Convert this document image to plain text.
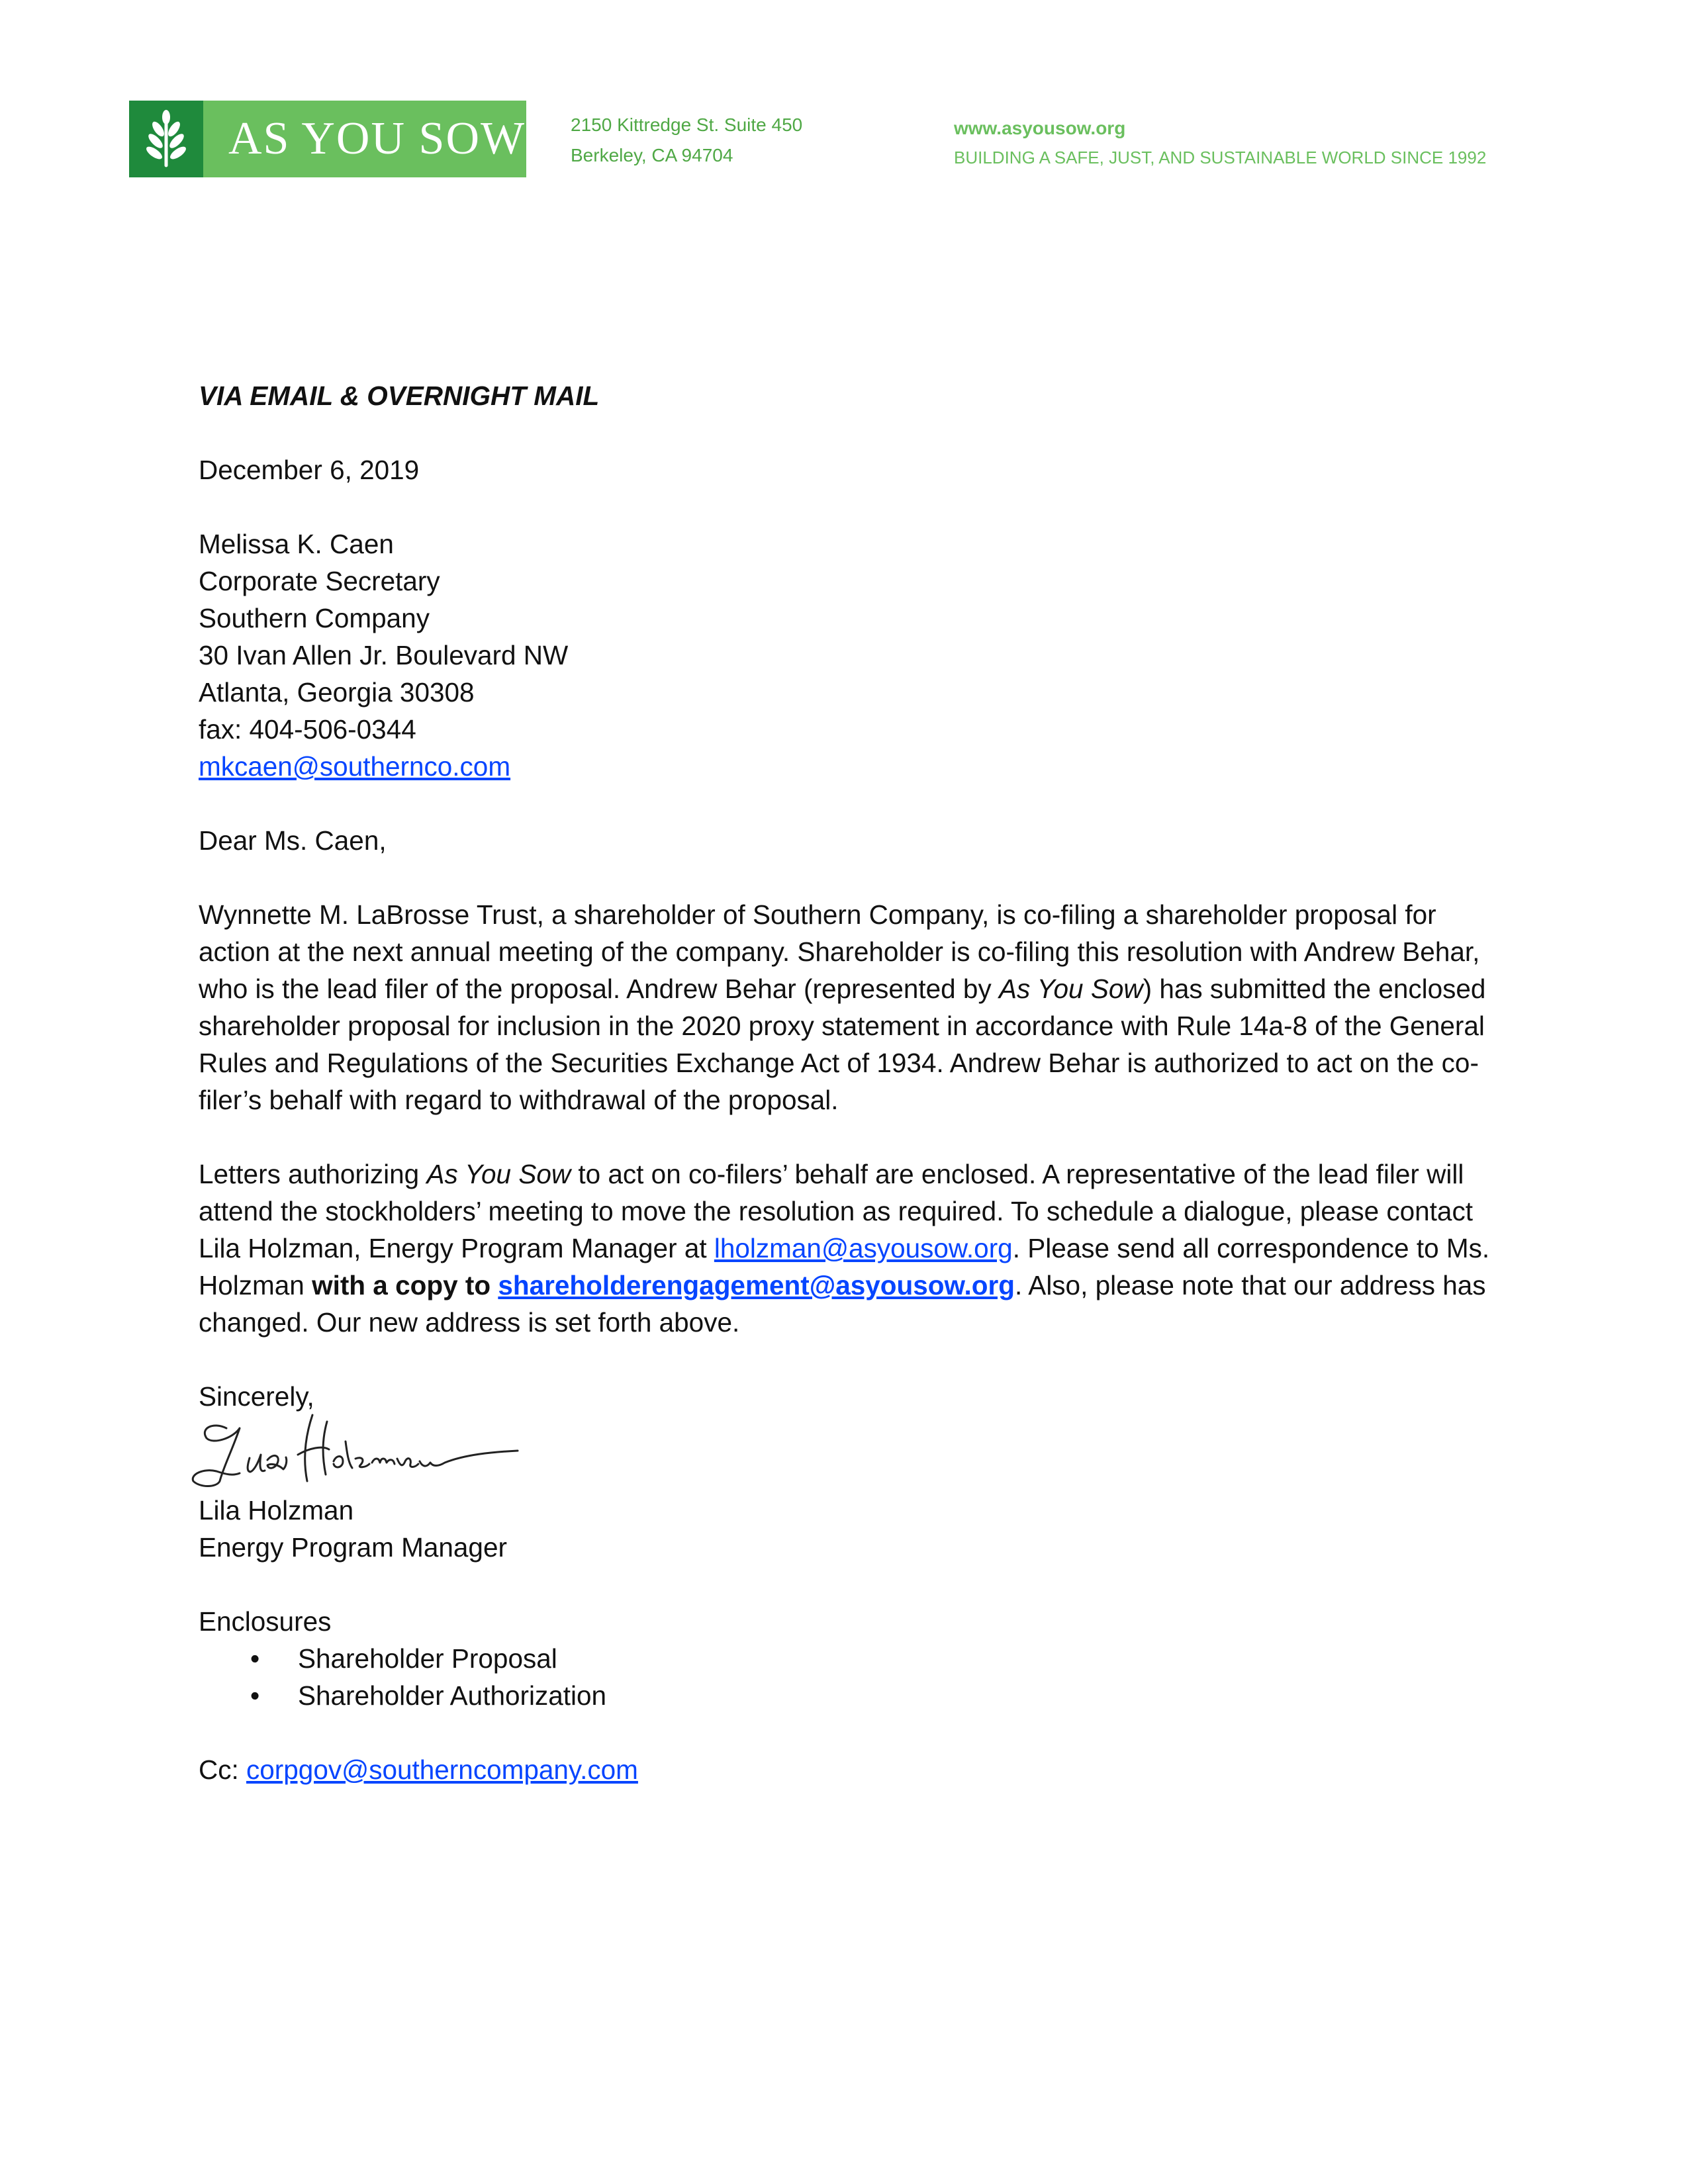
AS YOU SOW 2150 Kittredge St. Suite 450
Berkeley, CA 94704
www.asyousow.org
BUILDING A SAFE, JUST, AND SUSTAINABLE WORLD SINCE 1992

VIA EMAIL & OVERNIGHT MAIL

December 6, 2019

Melissa K. Caen

Corporate Secretary

Southern Company

30 Ivan Allen Jr. Boulevard NW

Atlanta, Georgia 30308

fax: 404-506-0344

mkcaen@southernco.com

Dear Ms. Caen,

Wynnette M. LaBrosse Trust, a shareholder of Southern Company, is co-filing a shareholder proposal for action at the next annual meeting of the company. Shareholder is co-filing this resolution with Andrew Behar, who is the lead filer of the proposal. Andrew Behar (represented by As You Sow) has submitted the enclosed shareholder proposal for inclusion in the 2020 proxy statement in accordance with Rule 14a-8 of the General Rules and Regulations of the Securities Exchange Act of 1934. Andrew Behar is authorized to act on the co-filer’s behalf with regard to withdrawal of the proposal.

Letters authorizing As You Sow to act on co-filers’ behalf are enclosed. A representative of the lead filer will attend the stockholders’ meeting to move the resolution as required. To schedule a dialogue, please contact Lila Holzman, Energy Program Manager at lholzman@asyousow.org. Please send all correspondence to Ms. Holzman with a copy to shareholderengagement@asyousow.org. Also, please note that our address has changed. Our new address is set forth above.

Sincerely,

Lila Holzman

Energy Program Manager

Enclosures

• Shareholder Proposal
• Shareholder Authorization

Cc: corpgov@southerncompany.com
